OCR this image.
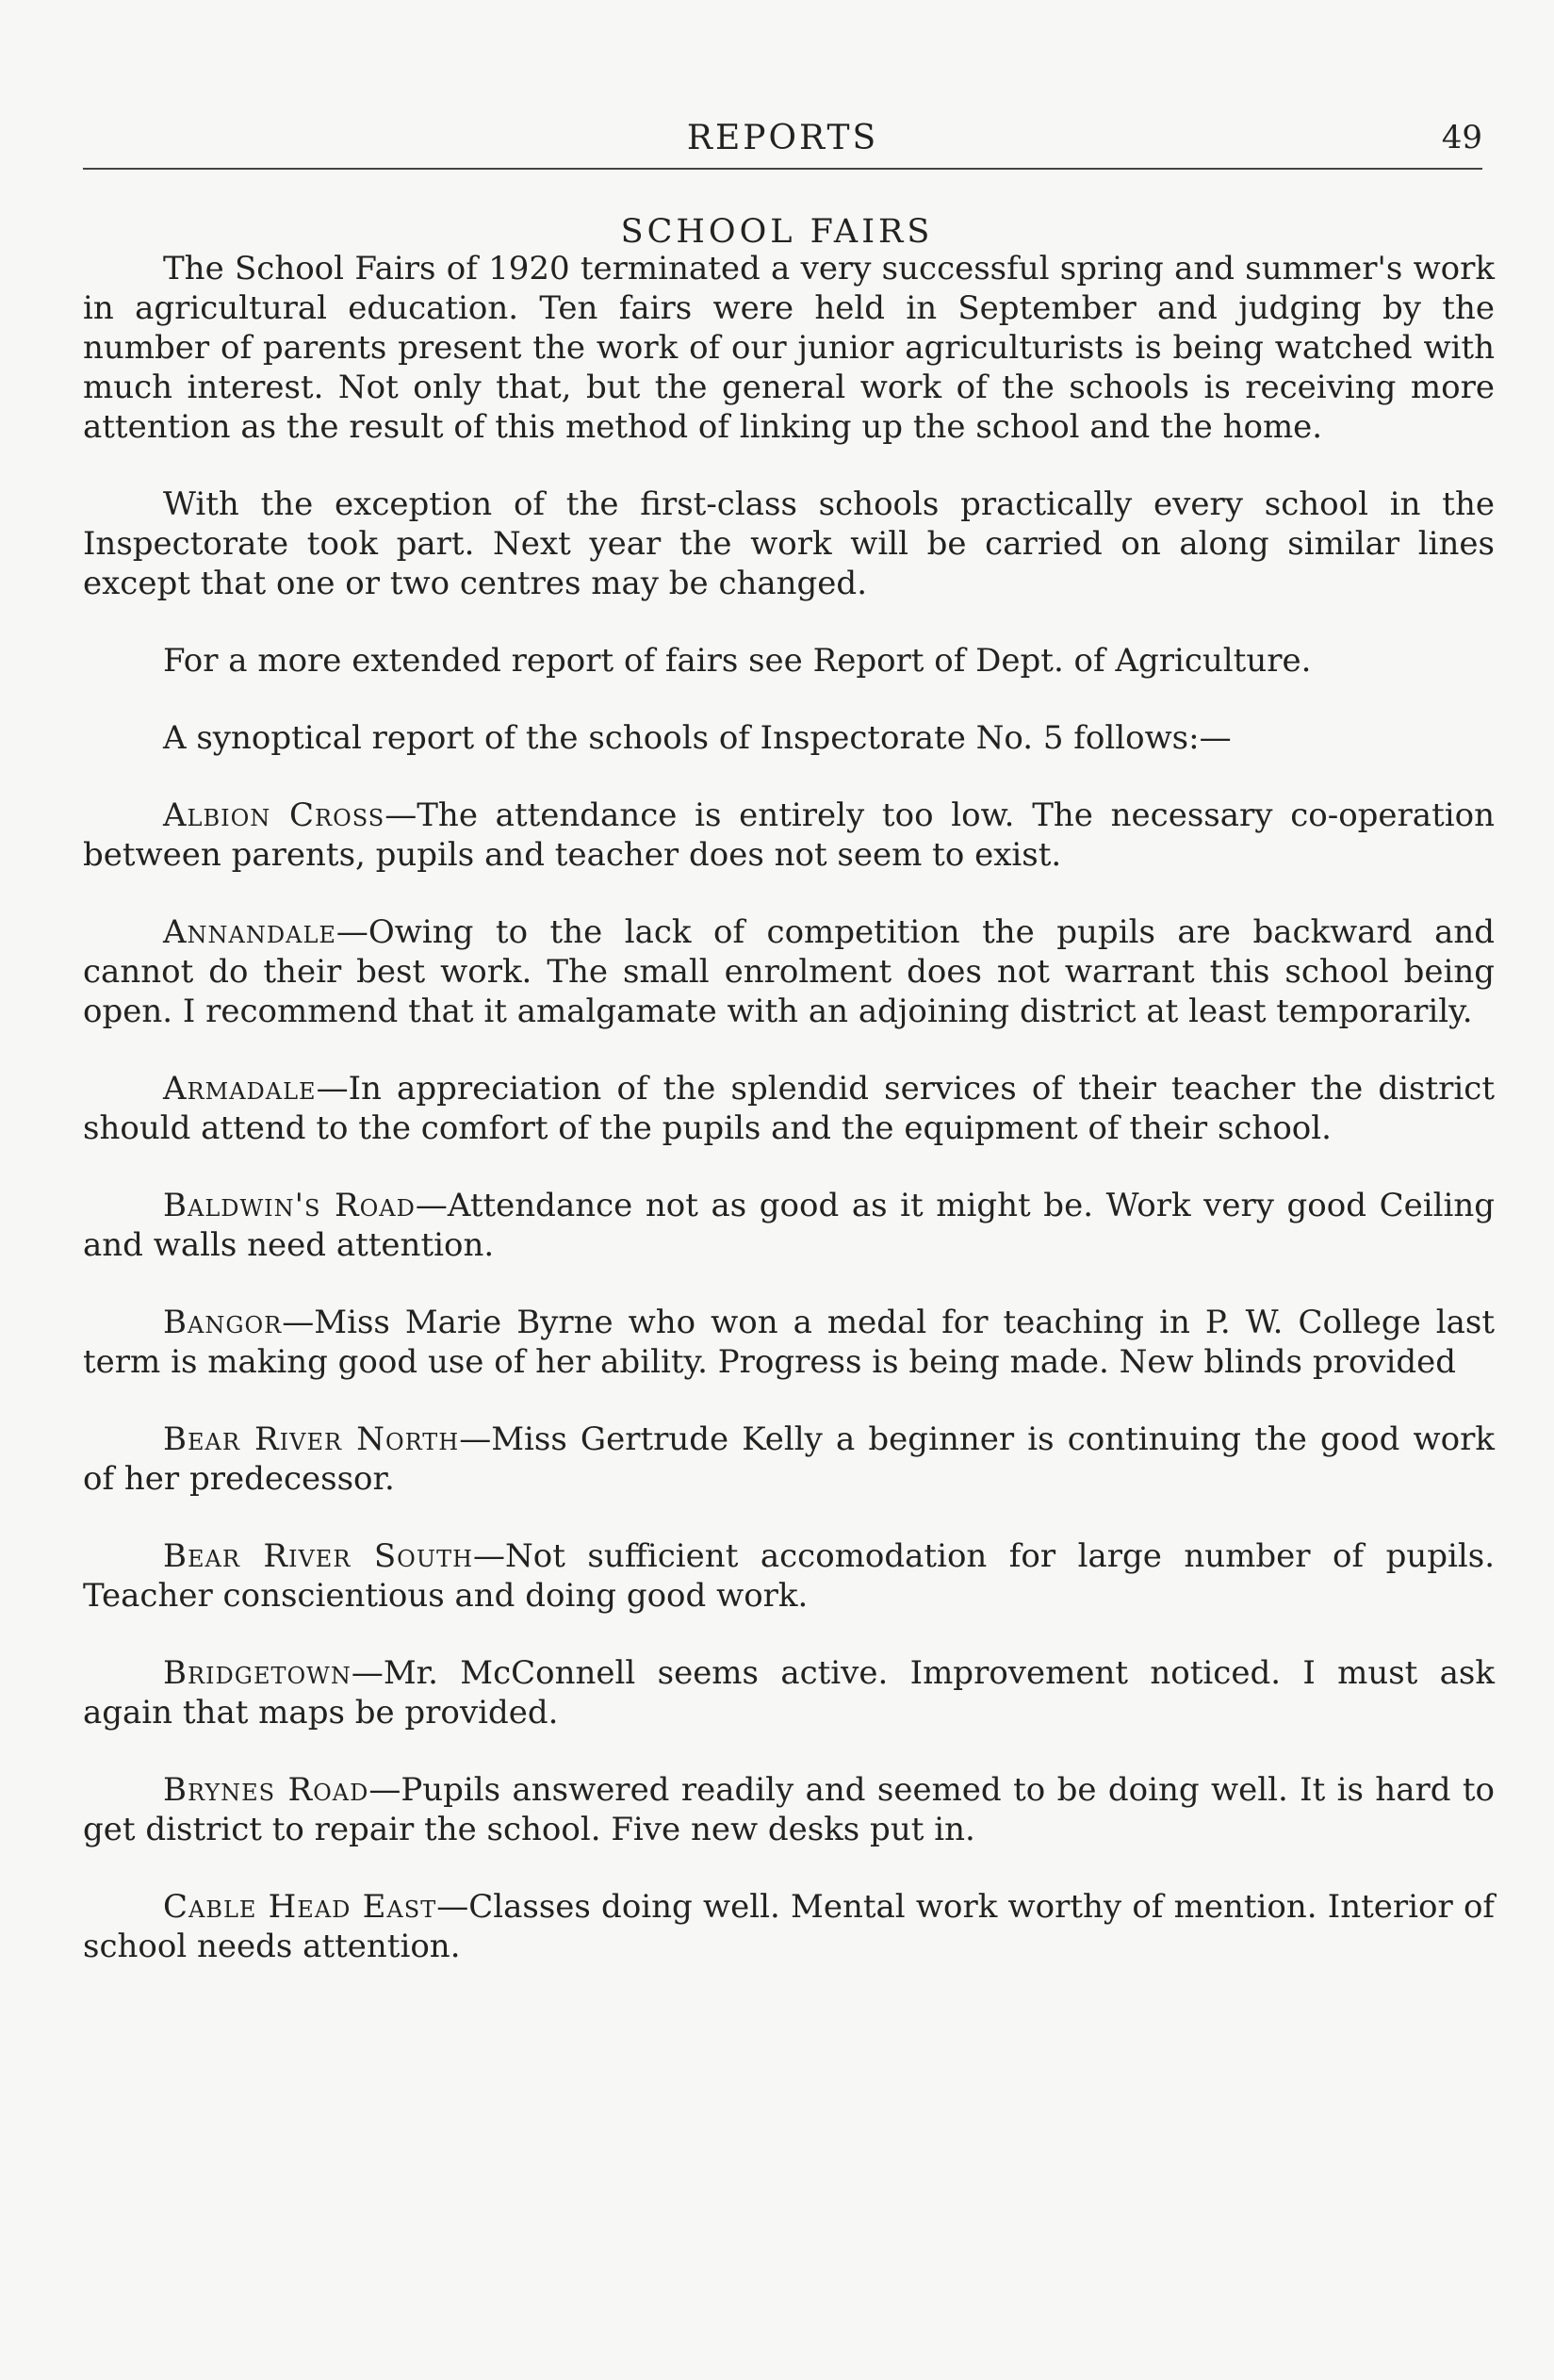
REPORTS	49
SCHOOL FAIRS

The School Fairs of 1920 terminated a very successful spring and summer's work in agricultural education. Ten fairs were held in September and judging by the number of parents present the work of our junior agriculturists is being watched with much interest. Not only that, but the general work of the schools is receiving more attention as the result of this method of linking up the school and the home.

With the exception of the first-class schools practically every school in the Inspectorate took part. Next year the work will be carried on along similar lines except that one or two centres may be changed.

For a more extended report of fairs see Report of Dept. of Agriculture.

A synoptical report of the schools of Inspectorate No. 5 follows:—

Albion Cross—The attendance is entirely too low. The necessary co-operation between parents, pupils and teacher does not seem to exist.

Annandale—Owing to the lack of competition the pupils are backward and cannot do their best work. The small enrolment does not warrant this school being open. I recommend that it amalgamate with an adjoining district at least temporarily.

Armadale—In appreciation of the splendid services of their teacher the district should attend to the comfort of the pupils and the equipment of their school.

Baldwin's Road—Attendance not as good as it might be. Work very good Ceiling and walls need attention.

Bangor—Miss Marie Byrne who won a medal for teaching in P. W. College last term is making good use of her ability. Progress is being made. New blinds provided

Bear River North—Miss Gertrude Kelly a beginner is continuing the good work of her predecessor.

Bear River South—Not sufficient accomodation for large number of pupils. Teacher conscientious and doing good work.

Bridgetown—Mr. McConnell seems active. Improvement noticed. I must ask again that maps be provided.

Brynes Road—Pupils answered readily and seemed to be doing well. It is hard to get district to repair the school. Five new desks put in.

Cable Head East—Classes doing well. Mental work worthy of mention. Interior of school needs attention.
